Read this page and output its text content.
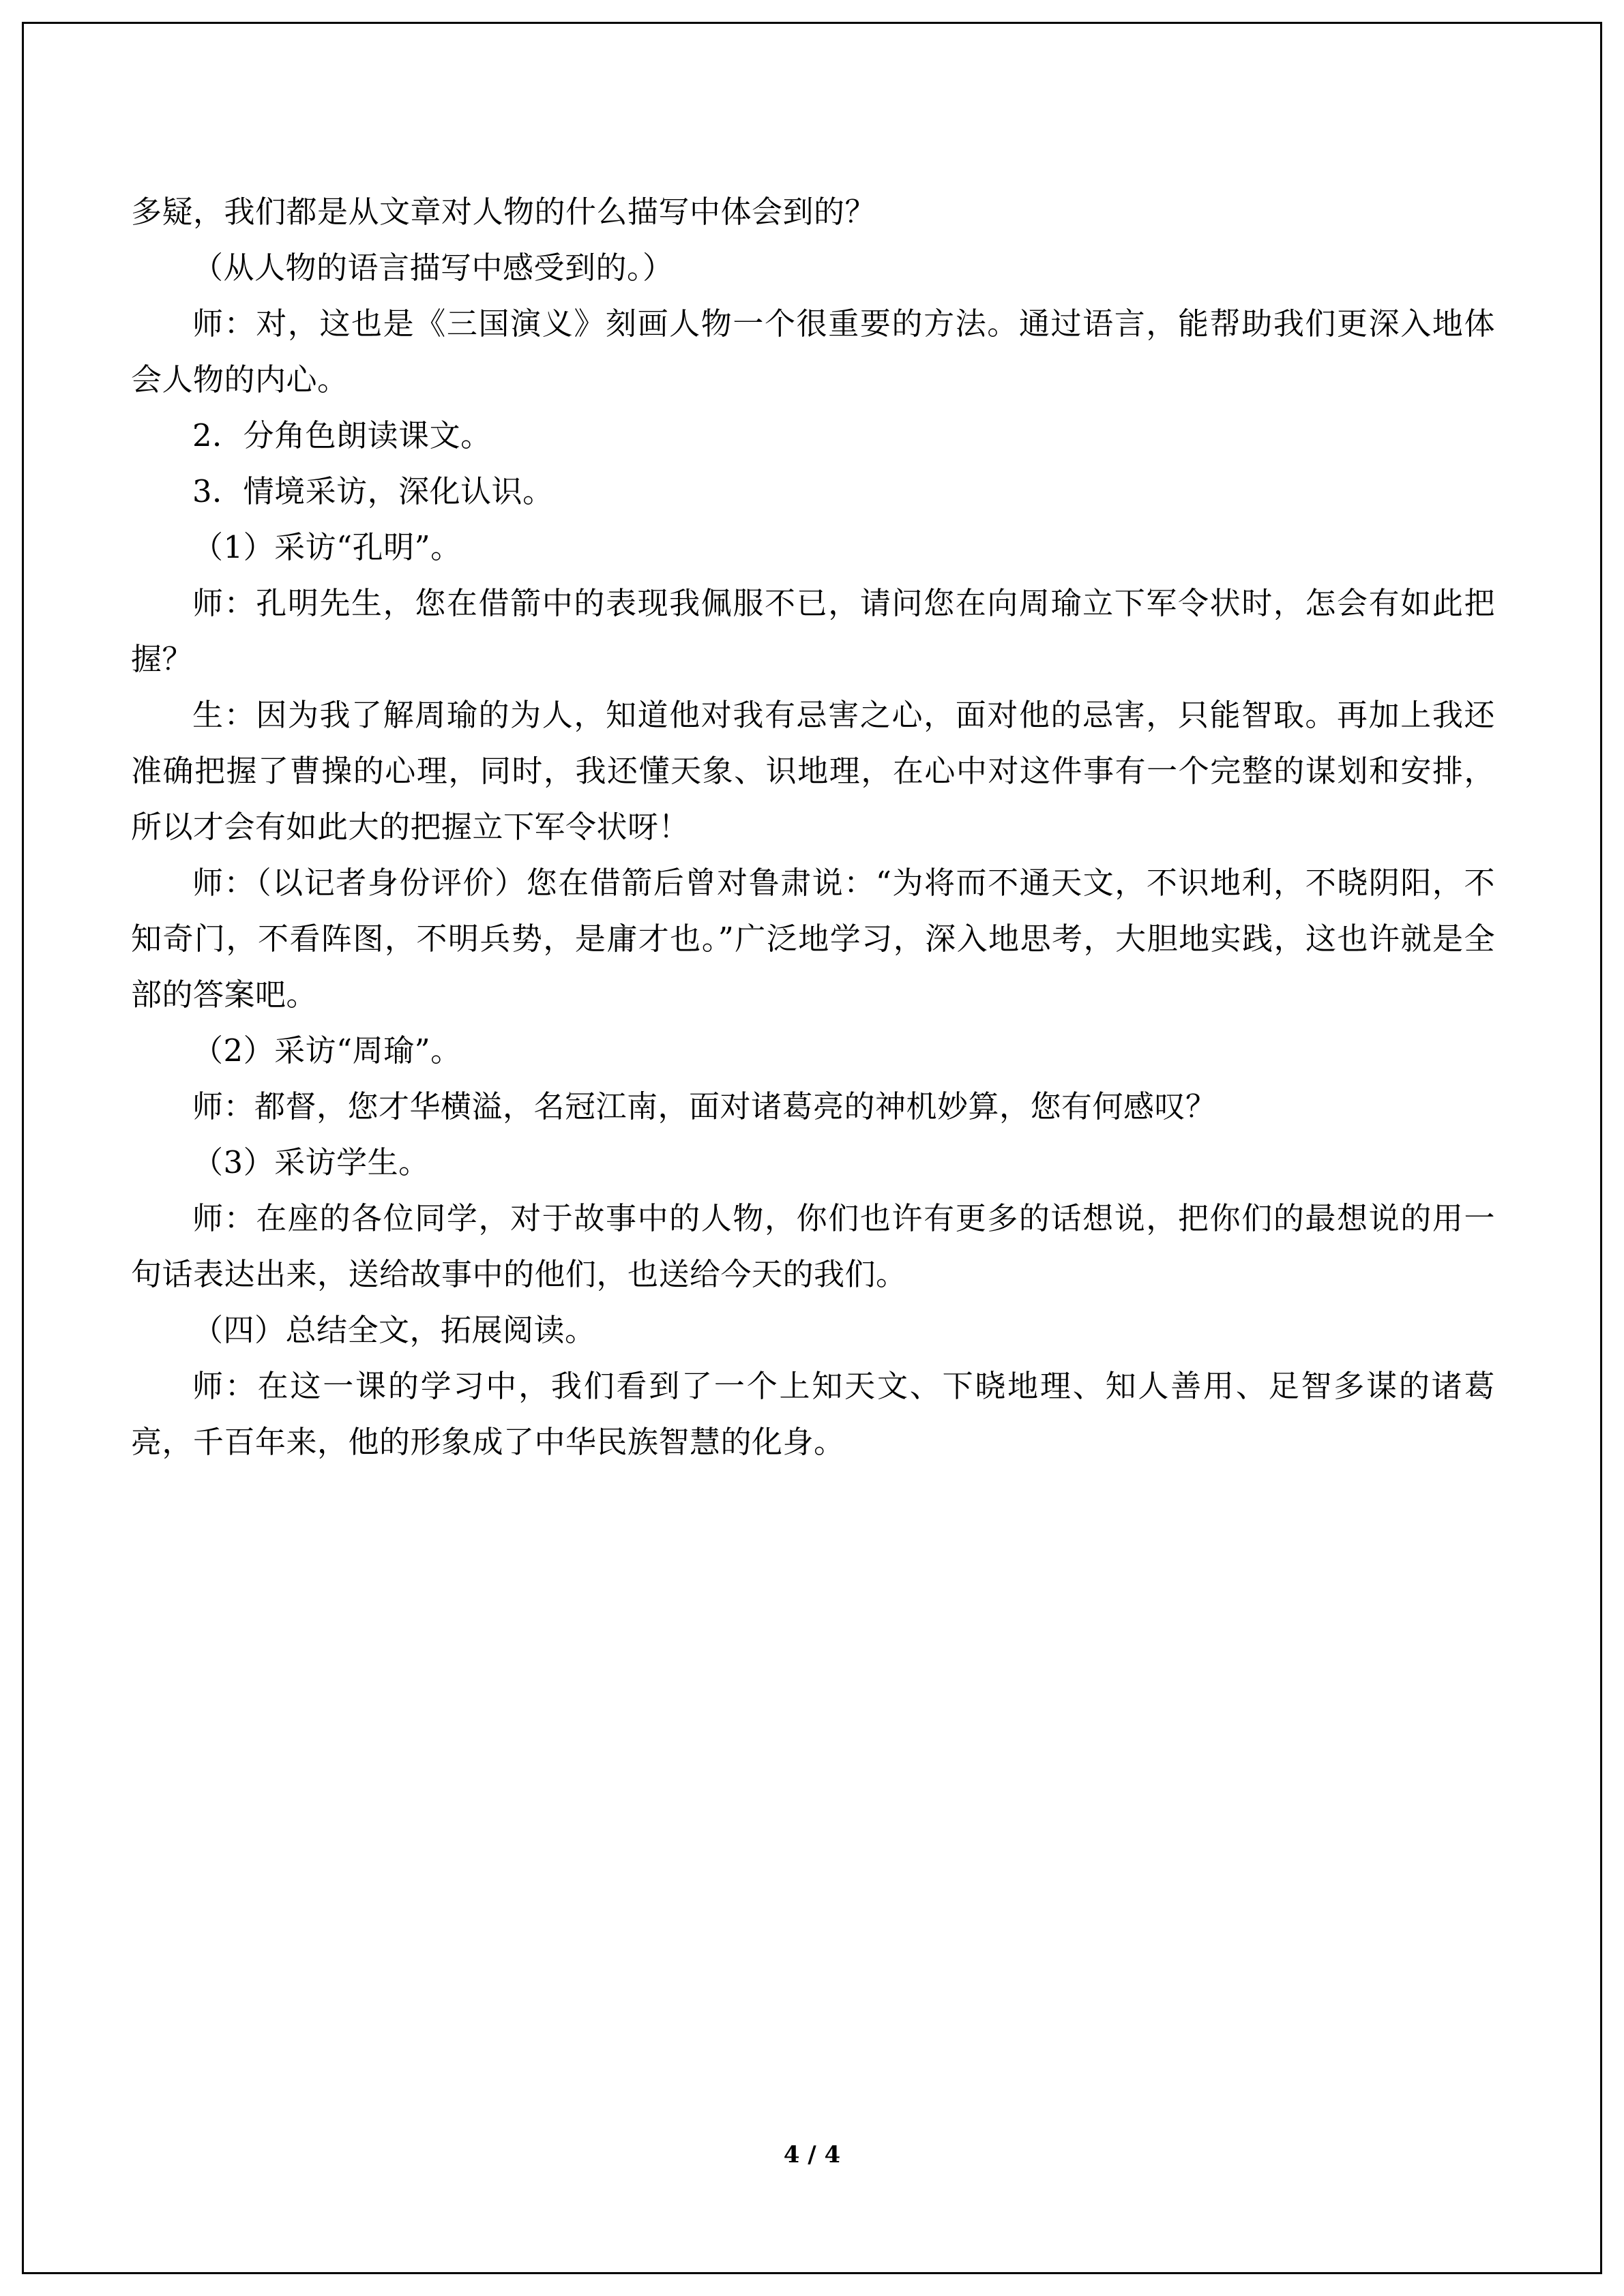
多疑，我们都是从文章对人物的什么描写中体会到的？

（从人物的语言描写中感受到的。）

师：对，这也是《三国演义》刻画人物一个很重要的方法。通过语言，能帮助我们更深入地体会人物的内心。

2．分角色朗读课文。

3．情境采访，深化认识。

（1）采访“孔明”。

师：孔明先生，您在借箭中的表现我佩服不已，请问您在向周瑜立下军令状时，怎会有如此把握？

生：因为我了解周瑜的为人，知道他对我有忌害之心，面对他的忌害，只能智取。再加上我还准确把握了曹操的心理，同时，我还懂天象、识地理，在心中对这件事有一个完整的谋划和安排，所以才会有如此大的把握立下军令状呀！

师：（以记者身份评价）您在借箭后曾对鲁肃说：“为将而不通天文，不识地利，不晓阴阳，不知奇门，不看阵图，不明兵势，是庸才也。”广泛地学习，深入地思考，大胆地实践，这也许就是全部的答案吧。

（2）采访“周瑜”。

师：都督，您才华横溢，名冠江南，面对诸葛亮的神机妙算，您有何感叹？

（3）采访学生。

师：在座的各位同学，对于故事中的人物，你们也许有更多的话想说，把你们的最想说的用一句话表达出来，送给故事中的他们，也送给今天的我们。

（四）总结全文，拓展阅读。

师：在这一课的学习中，我们看到了一个上知天文、下晓地理、知人善用、足智多谋的诸葛亮，千百年来，他的形象成了中华民族智慧的化身。

4 / 4
